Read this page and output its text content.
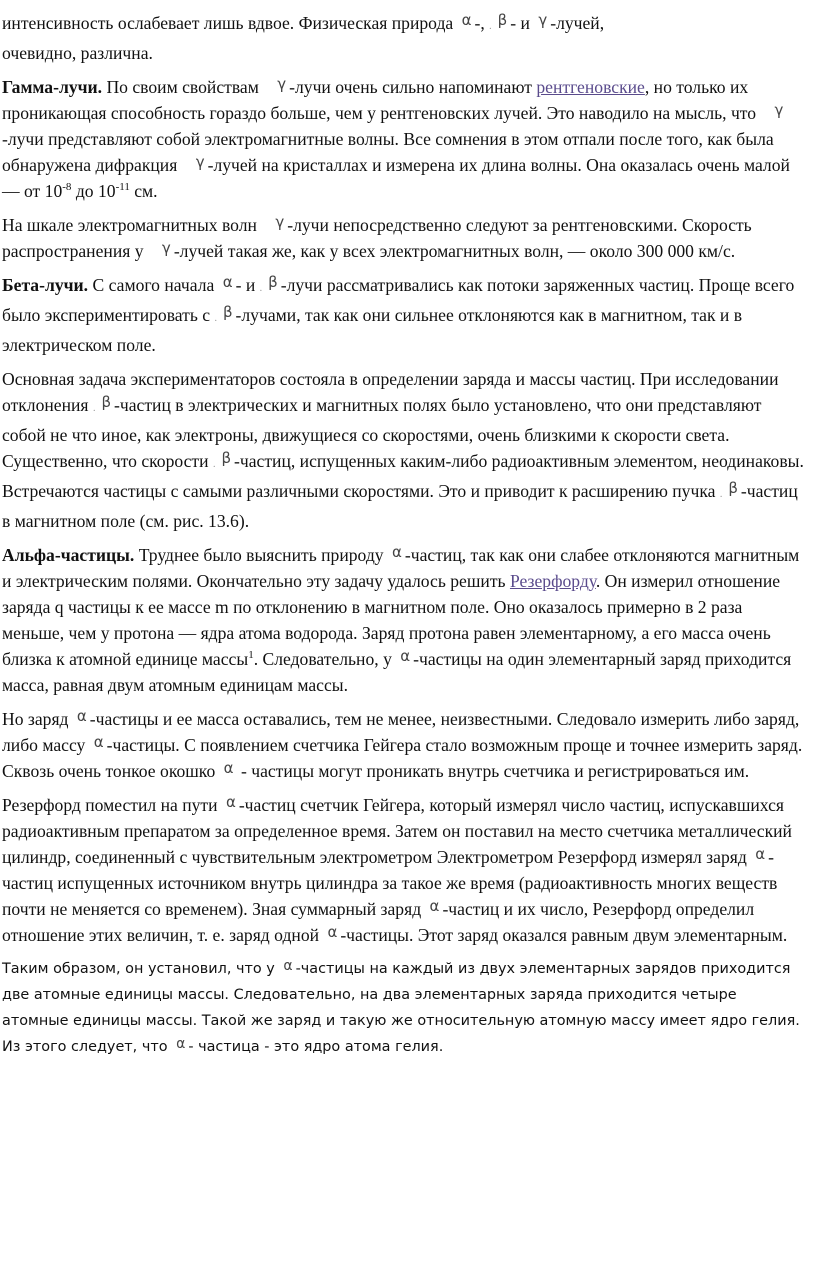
интенсивность ослабевает лишь вдвое. Физическая природа α -, . β - и γ -лучей,
очевидно, различна.

Гамма-лучи. По своим свойствам γ -лучи очень сильно напоминают рентгеновские, но только их проникающая способность гораздо больше, чем у рентгеновских лучей. Это наводило на мысль, что γ-лучи представляют собой электромагнитные волны. Все сомнения в этом отпали после того, как была обнаружена дифракция γ -лучей на кристаллах и измерена их длина волны. Она оказалась очень малой — от $10^{-8}$ до $10^{-11}$ см.

На шкале электромагнитных волн γ -лучи непосредственно следуют за рентгеновскими. Скорость распространения у γ -лучей такая же, как у всех электромагнитных волн, — около 300 000 км/с.

Бета-лучи. С самого начала α - и . β -лучи рассматривались как потоки заряженных частиц. Проще всего было экспериментировать с . β -лучами, так как они сильнее отклоняются как в магнитном, так и в электрическом поле.

Основная задача экспериментаторов состояла в определении заряда и массы частиц. При исследовании отклонения . β -частиц в электрических и магнитных полях было установлено, что они представляют собой не что иное, как электроны, движущиеся со скоростями, очень близкими к скорости света. Существенно, что скорости . β -частиц, испущенных каким-либо радиоактивным элементом, неодинаковы. Встречаются частицы с самыми различными скоростями. Это и приводит к расширению пучка . β -частиц в магнитном поле (см. рис. 13.6).

Альфа-частицы. Труднее было выяснить природу α -частиц, так как они слабее отклоняются магнитным и электрическим полями. Окончательно эту задачу удалось решить Резерфорду. Он измерил отношение заряда q частицы к ее массе m по отклонению в магнитном поле. Оно оказалось примерно в 2 раза меньше, чем у протона — ядра атома водорода. Заряд протона равен элементарному, а его масса очень близка к атомной единице массы$^1$. Следовательно, у α -частицы на один элементарный заряд приходится масса, равная двум атомным единицам массы.

Но заряд α -частицы и ее масса оставались, тем не менее, неизвестными. Следовало измерить либо заряд, либо массу α -частицы. С появлением счетчика Гейгера стало возможным проще и точнее измерить заряд. Сквозь очень тонкое окошко α - частицы могут проникать внутрь счетчика и регистрироваться им.

Резерфорд поместил на пути α -частиц счетчик Гейгера, который измерял число частиц, испускавшихся радиоактивным препаратом за определенное время. Затем он поставил на место счетчика металлический цилиндр, соединенный с чувствительным электрометром Электрометром Резерфорд измерял заряд α - частиц испущенных источником внутрь цилиндра за такое же время (радиоактивность многих веществ почти не меняется со временем). Зная суммарный заряд α -частиц и их число, Резерфорд определил отношение этих величин, т. е. заряд одной α -частицы. Этот заряд оказался равным двум элементарным.

Таким образом, он установил, что у α -частицы на каждый из двух элементарных зарядов приходится две атомные единицы массы. Следовательно, на два элементарных заряда приходится четыре атомные единицы массы. Такой же заряд и такую же относительную атомную массу имеет ядро гелия. Из этого следует, что α - частица - это ядро атома гелия.
